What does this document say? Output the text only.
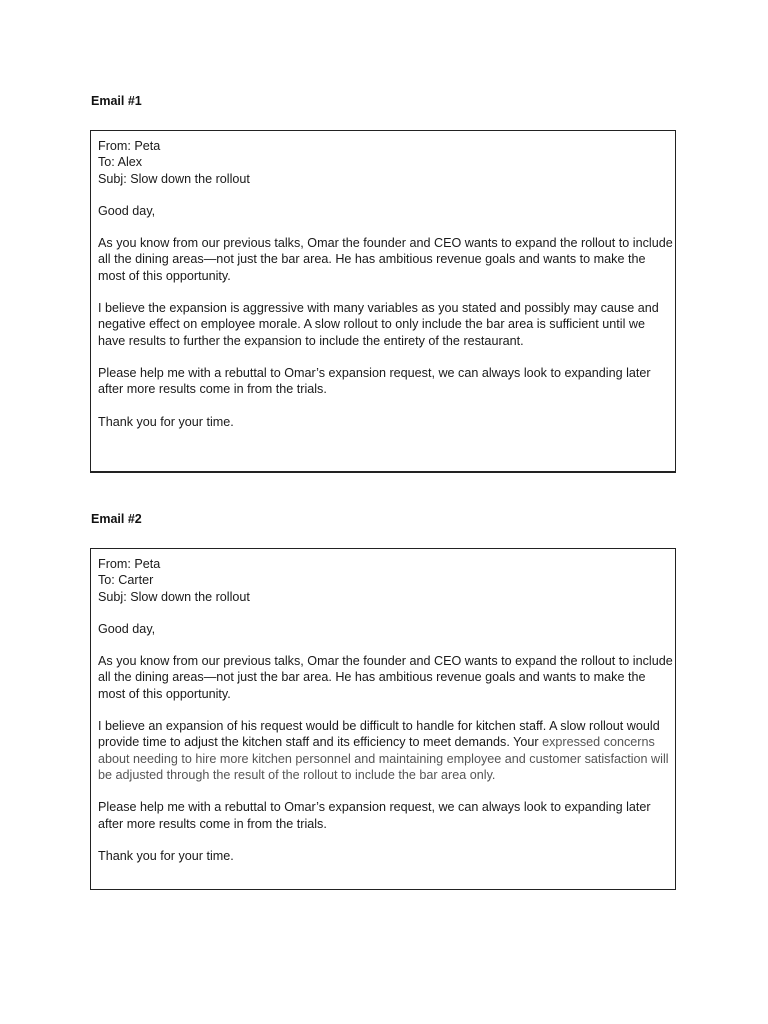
Email #1

From: Peta

To: Alex

Subj: Slow down the rollout

Good day,

As you know from our previous talks, Omar the founder and CEO wants to expand the rollout to include all the dining areas—not just the bar area. He has ambitious revenue goals and wants to make the most of this opportunity.

I believe the expansion is aggressive with many variables as you stated and possibly may cause and negative effect on employee morale. A slow rollout to only include the bar area is sufficient until we have results to further the expansion to include the entirety of the restaurant.

Please help me with a rebuttal to Omar’s expansion request, we can always look to expanding later after more results come in from the trials.

Thank you for your time.

Email #2

From: Peta

To: Carter

Subj: Slow down the rollout

Good day,

As you know from our previous talks, Omar the founder and CEO wants to expand the rollout to include all the dining areas—not just the bar area. He has ambitious revenue goals and wants to make the most of this opportunity.

I believe an expansion of his request would be difficult to handle for kitchen staff. A slow rollout would provide time to adjust the kitchen staff and its efficiency to meet demands. Your expressed concerns about needing to hire more kitchen personnel and maintaining employee and customer satisfaction will be adjusted through the result of the rollout to include the bar area only.

Please help me with a rebuttal to Omar’s expansion request, we can always look to expanding later after more results come in from the trials.

Thank you for your time.
